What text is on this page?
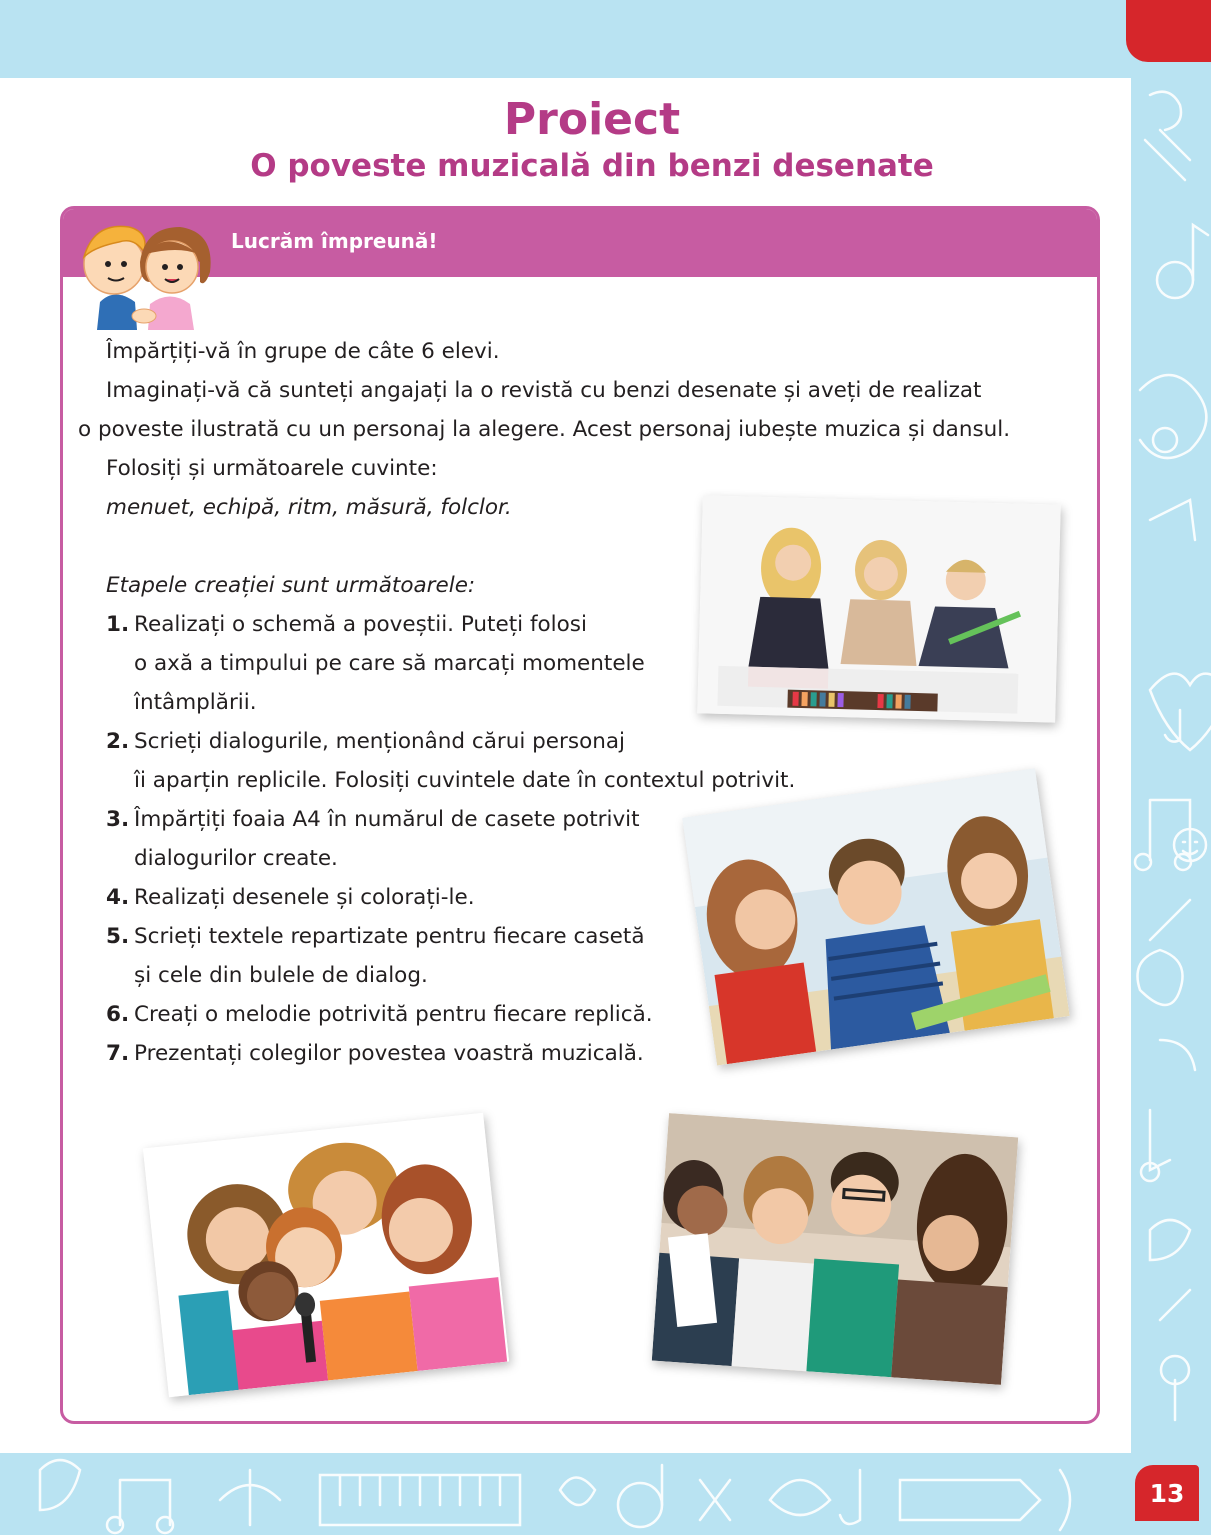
Proiect
O poveste muzicală din benzi desenate
Lucrăm împreună!
Împărțiți-vă în grupe de câte 6 elevi.
Imaginați-vă că sunteți angajați la o revistă cu benzi desenate și aveți de realizat
o poveste ilustrată cu un personaj la alegere. Acest personaj iubește muzica și dansul.
Folosiți și următoarele cuvinte:
menuet, echipă, ritm, măsură, folclor.
Etapele creației sunt următoarele:
1. Realizați o schemă a poveștii. Puteți folosi
o axă a timpului pe care să marcați momentele
întâmplării.
2. Scrieți dialogurile, menționând cărui personaj
îi aparțin replicile. Folosiți cuvintele date în contextul potrivit.
3. Împărțiți foaia A4 în numărul de casete potrivit
dialogurilor create.
4. Realizați desenele și colorați-le.
5. Scrieți textele repartizate pentru fiecare casetă
și cele din bulele de dialog.
6. Creați o melodie potrivită pentru fiecare replică.
7. Prezentați colegilor povestea voastră muzicală.
13
